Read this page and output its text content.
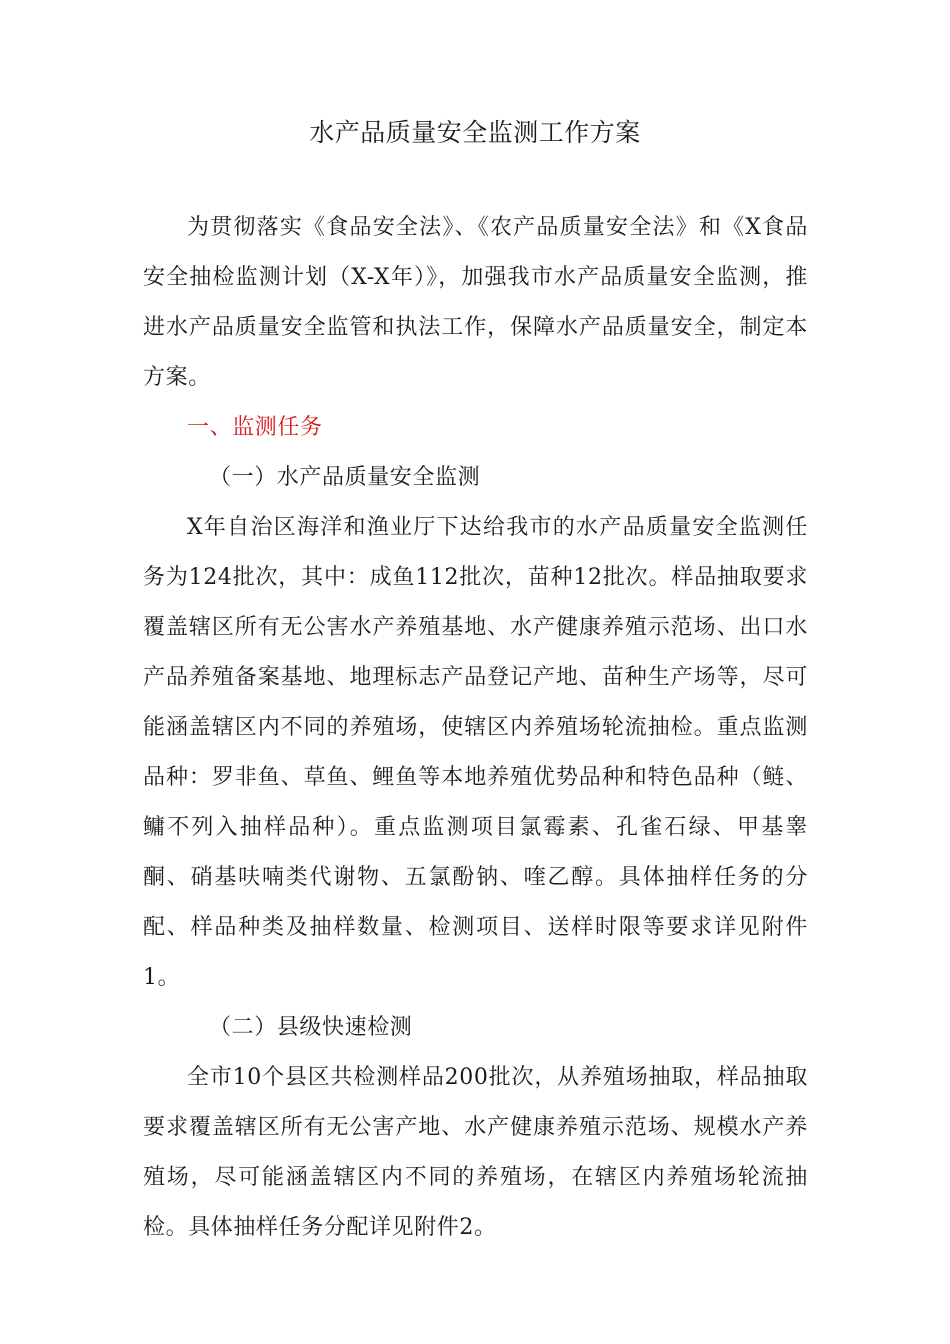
水产品质量安全监测工作方案

为贯彻落实《食品安全法》、《农产品质量安全法》和《X食品安全抽检监测计划（X-X年）》，加强我市水产品质量安全监测，推进水产品质量安全监管和执法工作，保障水产品质量安全，制定本方案。

一、监测任务

（一）水产品质量安全监测

X年自治区海洋和渔业厅下达给我市的水产品质量安全监测任务为124批次，其中：成鱼112批次，苗种12批次。样品抽取要求覆盖辖区所有无公害水产养殖基地、水产健康养殖示范场、出口水产品养殖备案基地、地理标志产品登记产地、苗种生产场等，尽可能涵盖辖区内不同的养殖场，使辖区内养殖场轮流抽检。重点监测品种：罗非鱼、草鱼、鲤鱼等本地养殖优势品种和特色品种（鲢、鳙不列入抽样品种）。重点监测项目氯霉素、孔雀石绿、甲基睾酮、硝基呋喃类代谢物、五氯酚钠、喹乙醇。具体抽样任务的分配、样品种类及抽样数量、检测项目、送样时限等要求详见附件1。

（二）县级快速检测

全市10个县区共检测样品200批次，从养殖场抽取，样品抽取要求覆盖辖区所有无公害产地、水产健康养殖示范场、规模水产养殖场，尽可能涵盖辖区内不同的养殖场，在辖区内养殖场轮流抽检。具体抽样任务分配详见附件2。
